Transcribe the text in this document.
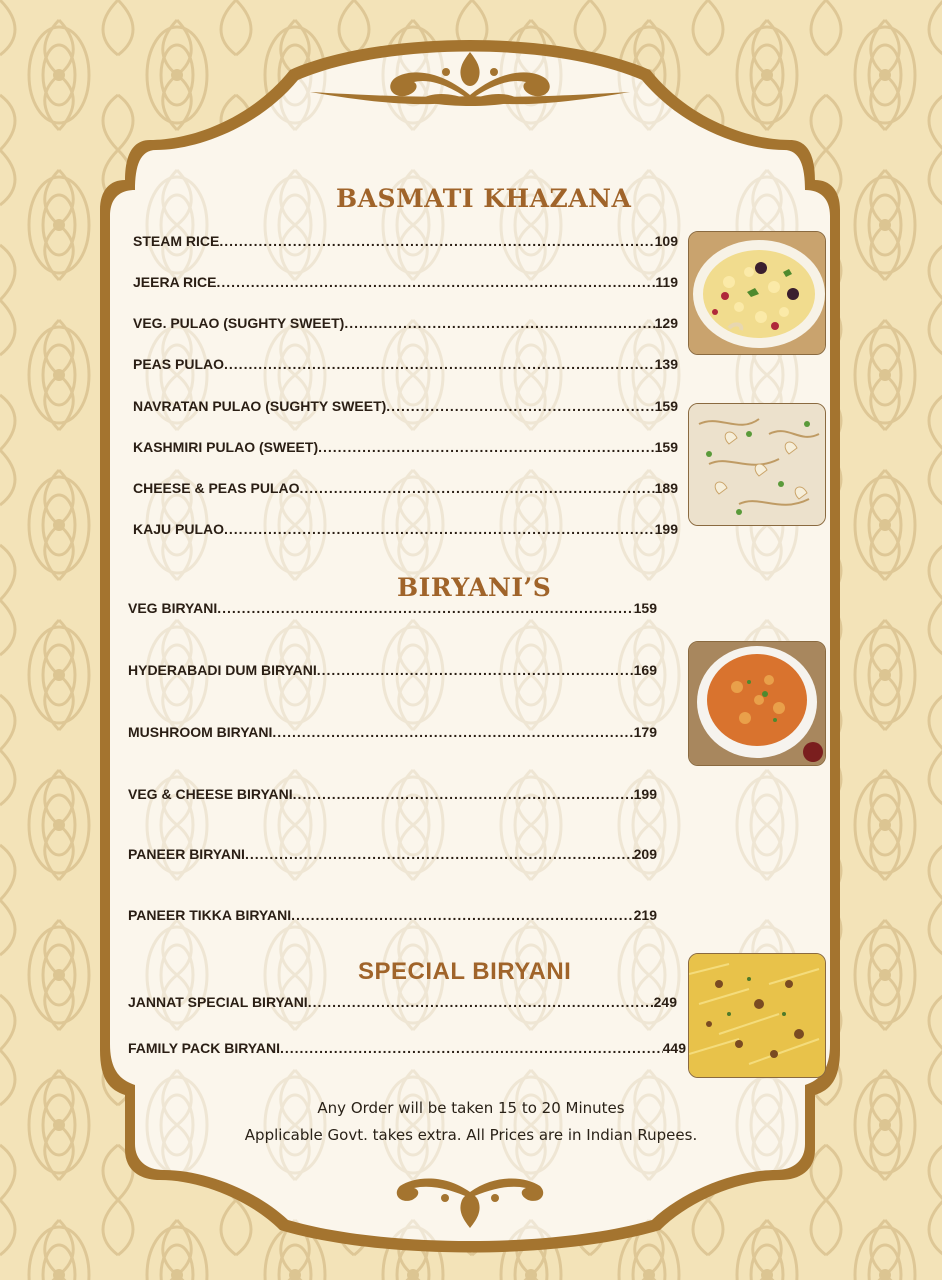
BASMATI KHAZANA
BIRYANI’S
SPECIAL BIRYANI
STEAM RICE .....	109
JEERA RICE .....	119
VEG. PULAO (SUGHTY SWEET) .....	129
PEAS PULAO .....	139
NAVRATAN PULAO (SUGHTY SWEET) .....	159
KASHMIRI PULAO (SWEET) .....	159
CHEESE & PEAS PULAO .....	189
KAJU PULAO .....	199
VEG BIRYANI .....	159
HYDERABADI DUM BIRYANI .....	169
MUSHROOM BIRYANI .....	179
VEG & CHEESE BIRYANI .....	199
PANEER BIRYANI .....	209
PANEER TIKKA BIRYANI .....	219
JANNAT SPECIAL BIRYANI .....	249
FAMILY PACK BIRYANI .....	449
Any Order will be taken 15 to 20 Minutes
Applicable Govt. takes extra. All Prices are in Indian Rupees.
